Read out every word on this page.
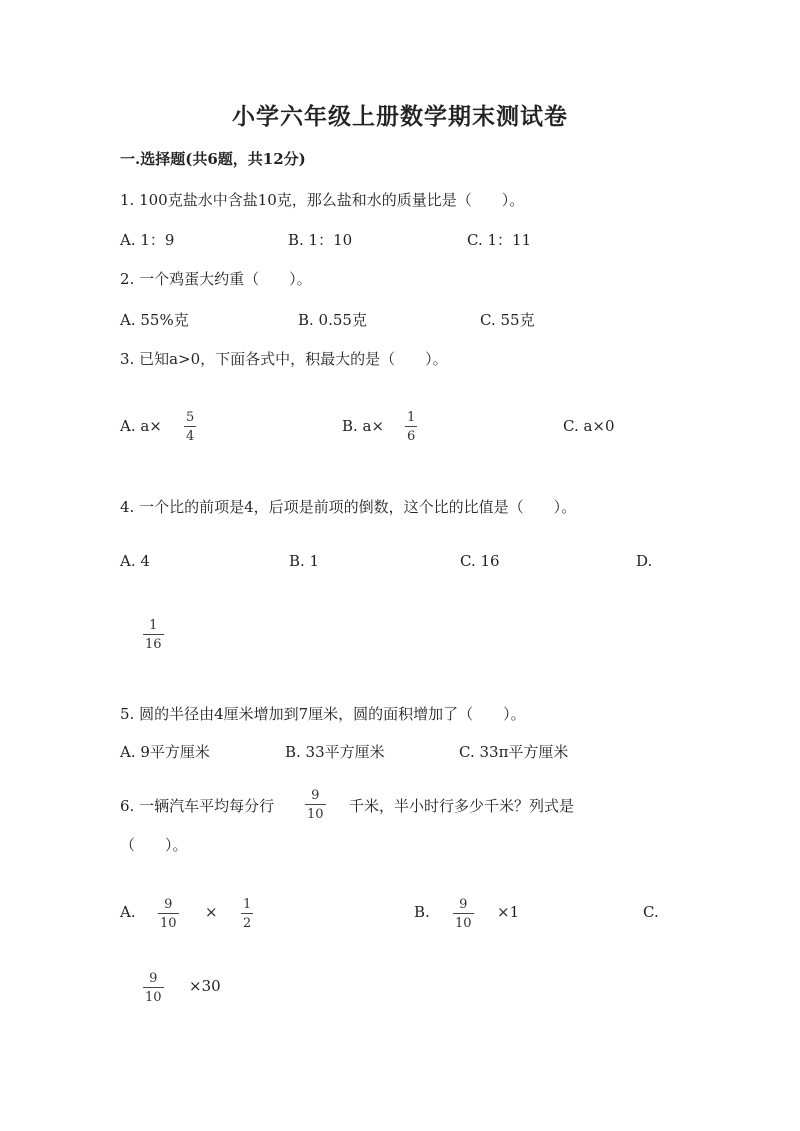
小学六年级上册数学期末测试卷
一.选择题(共6题，共12分)
1. 100克盐水中含盐10克，那么盐和水的质量比是（　　）。
A. 1：9	B. 1：10	C. 1：11
2. 一个鸡蛋大约重（　　）。
A. 55%克	B. 0.55克	C. 55克
3. 已知a>0，下面各式中，积最大的是（　　）。
A. a× 5
4
B. a× 1
6
C. a×0
4. 一个比的前项是4，后项是前项的倒数，这个比的比值是（　　）。
A. 4	B. 1	C. 16	D.
1
16
5. 圆的半径由4厘米增加到7厘米，圆的面积增加了（　　）。
A. 9平方厘米	B. 33平方厘米	C. 33π平方厘米
6. 一辆汽车平均每分行
9
10 千米，半小时行多少千米？列式是
（　　）。
A. 9
10
× 1
2
B. 9
10
×1	C.
9
10
×30
